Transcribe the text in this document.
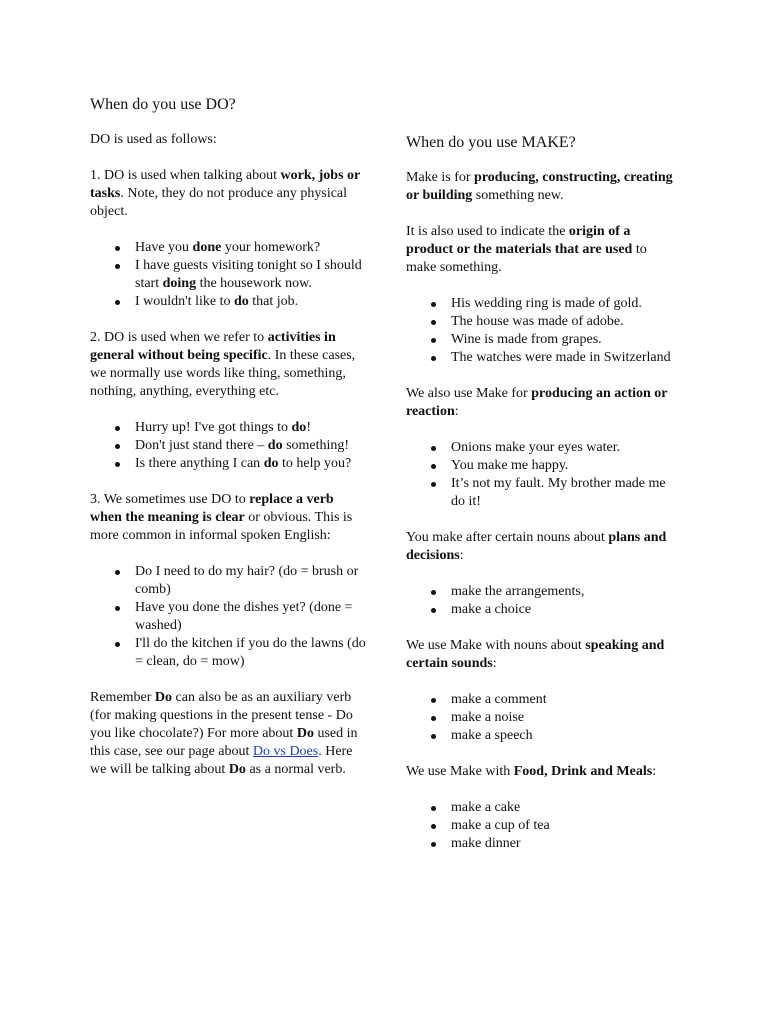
When do you use DO?

DO is used as follows:

1. DO is used when talking about work, jobs or tasks. Note, they do not produce any physical object.

Have you done your homework?
I have guests visiting tonight so I should start doing the housework now.
I wouldn't like to do that job.

2. DO is used when we refer to activities in general without being specific. In these cases, we normally use words like thing, something, nothing, anything, everything etc.

Hurry up! I've got things to do!
Don't just stand there – do something!
Is there anything I can do to help you?

3. We sometimes use DO to replace a verb when the meaning is clear or obvious. This is more common in informal spoken English:

Do I need to do my hair? (do = brush or comb)
Have you done the dishes yet? (done = washed)
I'll do the kitchen if you do the lawns (do = clean, do = mow)

Remember Do can also be as an auxiliary verb (for making questions in the present tense - Do you like chocolate?) For more about Do used in this case, see our page about Do vs Does. Here we will be talking about Do as a normal verb.

When do you use MAKE?

Make is for producing, constructing, creating or building something new.

It is also used to indicate the origin of a product or the materials that are used to make something.

His wedding ring is made of gold.
The house was made of adobe.
Wine is made from grapes.
The watches were made in Switzerland

We also use Make for producing an action or reaction:

Onions make your eyes water.
You make me happy.
It’s not my fault. My brother made me do it!

You make after certain nouns about plans and decisions:

make the arrangements,
make a choice

We use Make with nouns about speaking and certain sounds:

make a comment
make a noise
make a speech

We use Make with Food, Drink and Meals:

make a cake
make a cup of tea
make dinner
